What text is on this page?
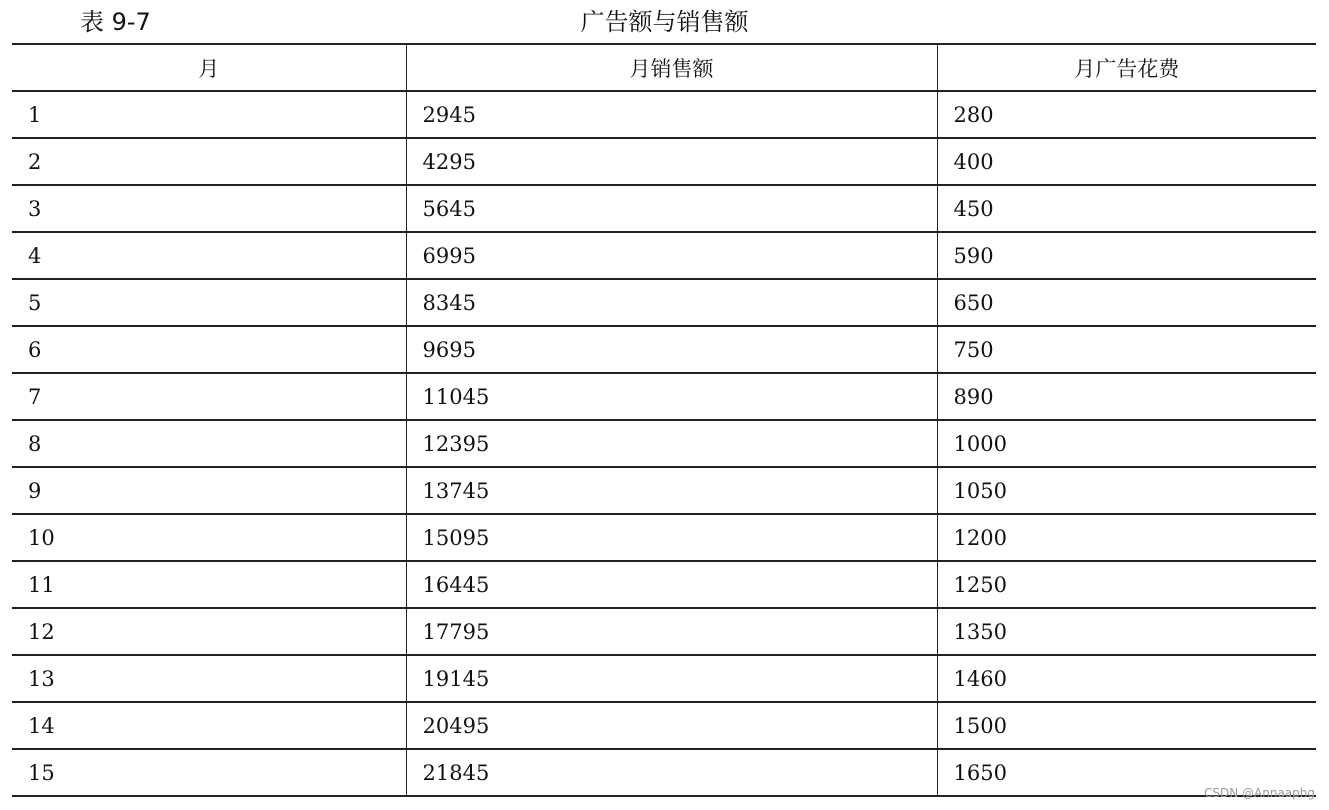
表 9-7	广告额与销售额
月	月销售额	月广告花费
1	2945	280
2	4295	400
3	5645	450
4	6995	590
5	8345	650
6	9695	750
7	11045	890
8	12395	1000
9	13745	1050
10	15095	1200
11	16445	1250
12	17795	1350
13	19145	1460
14	20495	1500
15	21845	1650
CSDN @Annaaphg
